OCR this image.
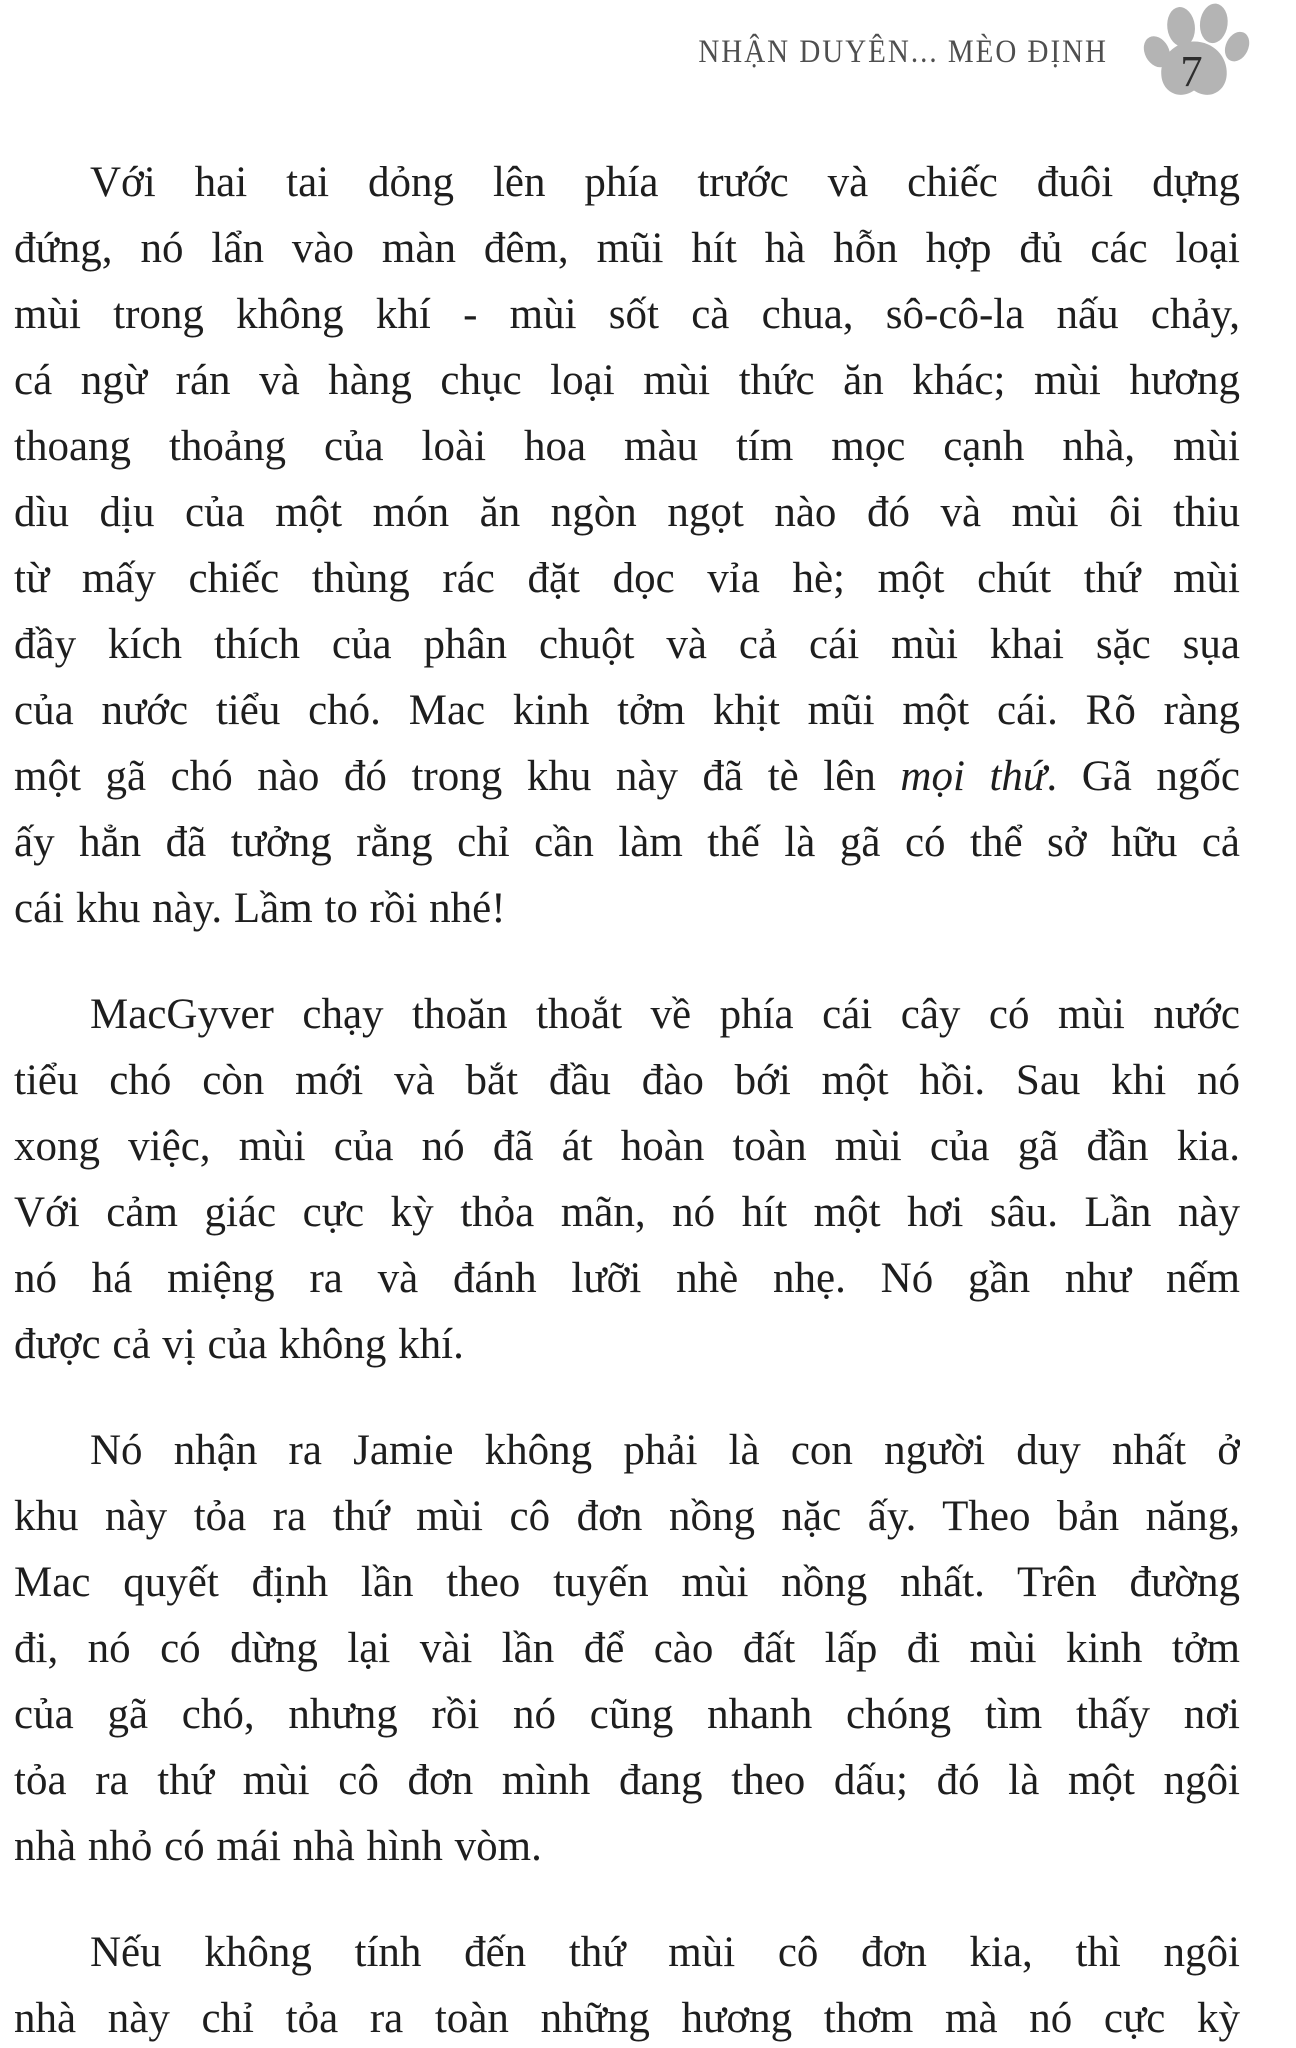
NHẬN DUYÊN... MÈO ĐỊNH 7
Với hai tai dỏng lên phía trước và chiếc đuôi dựng
đứng, nó lẩn vào màn đêm, mũi hít hà hỗn hợp đủ các loại
mùi trong không khí - mùi sốt cà chua, sô-cô-la nấu chảy,
cá ngừ rán và hàng chục loại mùi thức ăn khác; mùi hương
thoang thoảng của loài hoa màu tím mọc cạnh nhà, mùi
dìu dịu của một món ăn ngòn ngọt nào đó và mùi ôi thiu
từ mấy chiếc thùng rác đặt dọc vỉa hè; một chút thứ mùi
đầy kích thích của phân chuột và cả cái mùi khai sặc sụa
của nước tiểu chó. Mac kinh tởm khịt mũi một cái. Rõ ràng
một gã chó nào đó trong khu này đã tè lên mọi thứ. Gã ngốc
ấy hẳn đã tưởng rằng chỉ cần làm thế là gã có thể sở hữu cả
cái khu này. Lầm to rồi nhé!
MacGyver chạy thoăn thoắt về phía cái cây có mùi nước
tiểu chó còn mới và bắt đầu đào bới một hồi. Sau khi nó
xong việc, mùi của nó đã át hoàn toàn mùi của gã đần kia.
Với cảm giác cực kỳ thỏa mãn, nó hít một hơi sâu. Lần này
nó há miệng ra và đánh lưỡi nhè nhẹ. Nó gần như nếm
được cả vị của không khí.
Nó nhận ra Jamie không phải là con người duy nhất ở
khu này tỏa ra thứ mùi cô đơn nồng nặc ấy. Theo bản năng,
Mac quyết định lần theo tuyến mùi nồng nhất. Trên đường
đi, nó có dừng lại vài lần để cào đất lấp đi mùi kinh tởm
của gã chó, nhưng rồi nó cũng nhanh chóng tìm thấy nơi
tỏa ra thứ mùi cô đơn mình đang theo dấu; đó là một ngôi
nhà nhỏ có mái nhà hình vòm.
Nếu không tính đến thứ mùi cô đơn kia, thì ngôi
nhà này chỉ tỏa ra toàn những hương thơm mà nó cực kỳ
